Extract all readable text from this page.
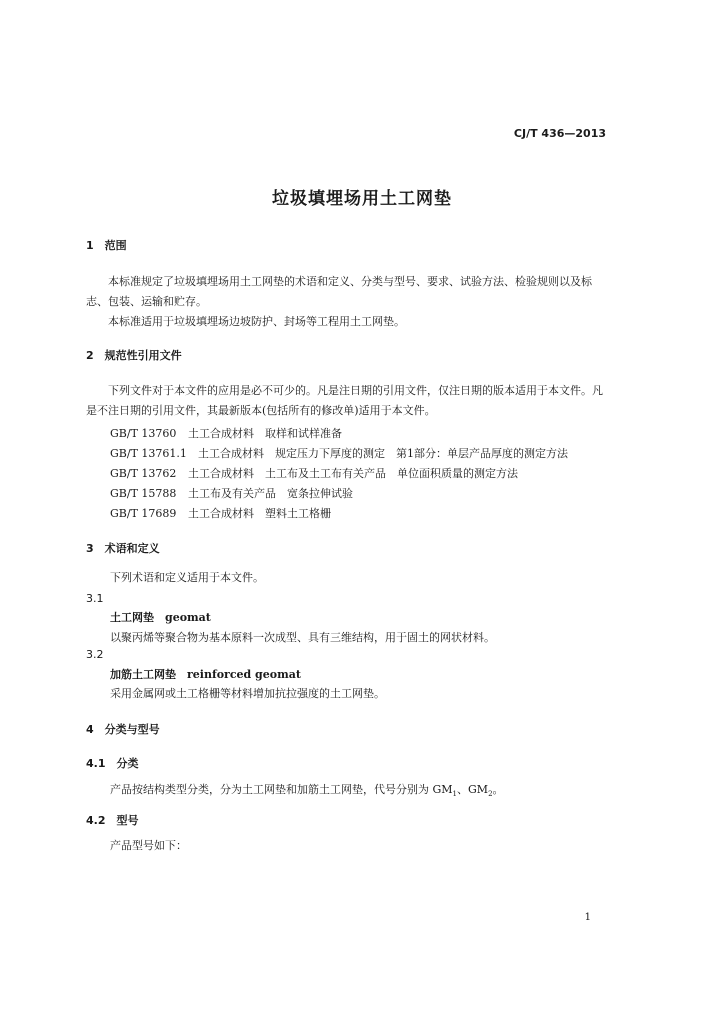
CJ/T 436—2013
垃圾填埋场用土工网垫
1　范围
本标准规定了垃圾填埋场用土工网垫的术语和定义、分类与型号、要求、试验方法、检验规则以及标志、包装、运输和贮存。
本标准适用于垃圾填埋场边坡防护、封场等工程用土工网垫。
2　规范性引用文件
下列文件对于本文件的应用是必不可少的。凡是注日期的引用文件，仅注日期的版本适用于本文件。凡是不注日期的引用文件，其最新版本(包括所有的修改单)适用于本文件。
GB/T 13760 土工合成材料　取样和试样准备
GB/T 13761.1 土工合成材料　规定压力下厚度的测定　第1部分：单层产品厚度的测定方法
GB/T 13762 土工合成材料　土工布及土工布有关产品　单位面积质量的测定方法
GB/T 15788 土工布及有关产品　宽条拉伸试验
GB/T 17689 土工合成材料　塑料土工格栅
3　术语和定义
下列术语和定义适用于本文件。
3.1
土工网垫　 geomat
以聚丙烯等聚合物为基本原料一次成型、具有三维结构，用于固土的网状材料。
3.2
加筋土工网垫　 reinforced geomat
采用金属网或土工格栅等材料增加抗拉强度的土工网垫。
4　分类与型号
4.1　分类
产品按结构类型分类，分为土工网垫和加筋土工网垫，代号分别为 $GM_1$、$GM_2$。
4.2　型号
产品型号如下：
1
